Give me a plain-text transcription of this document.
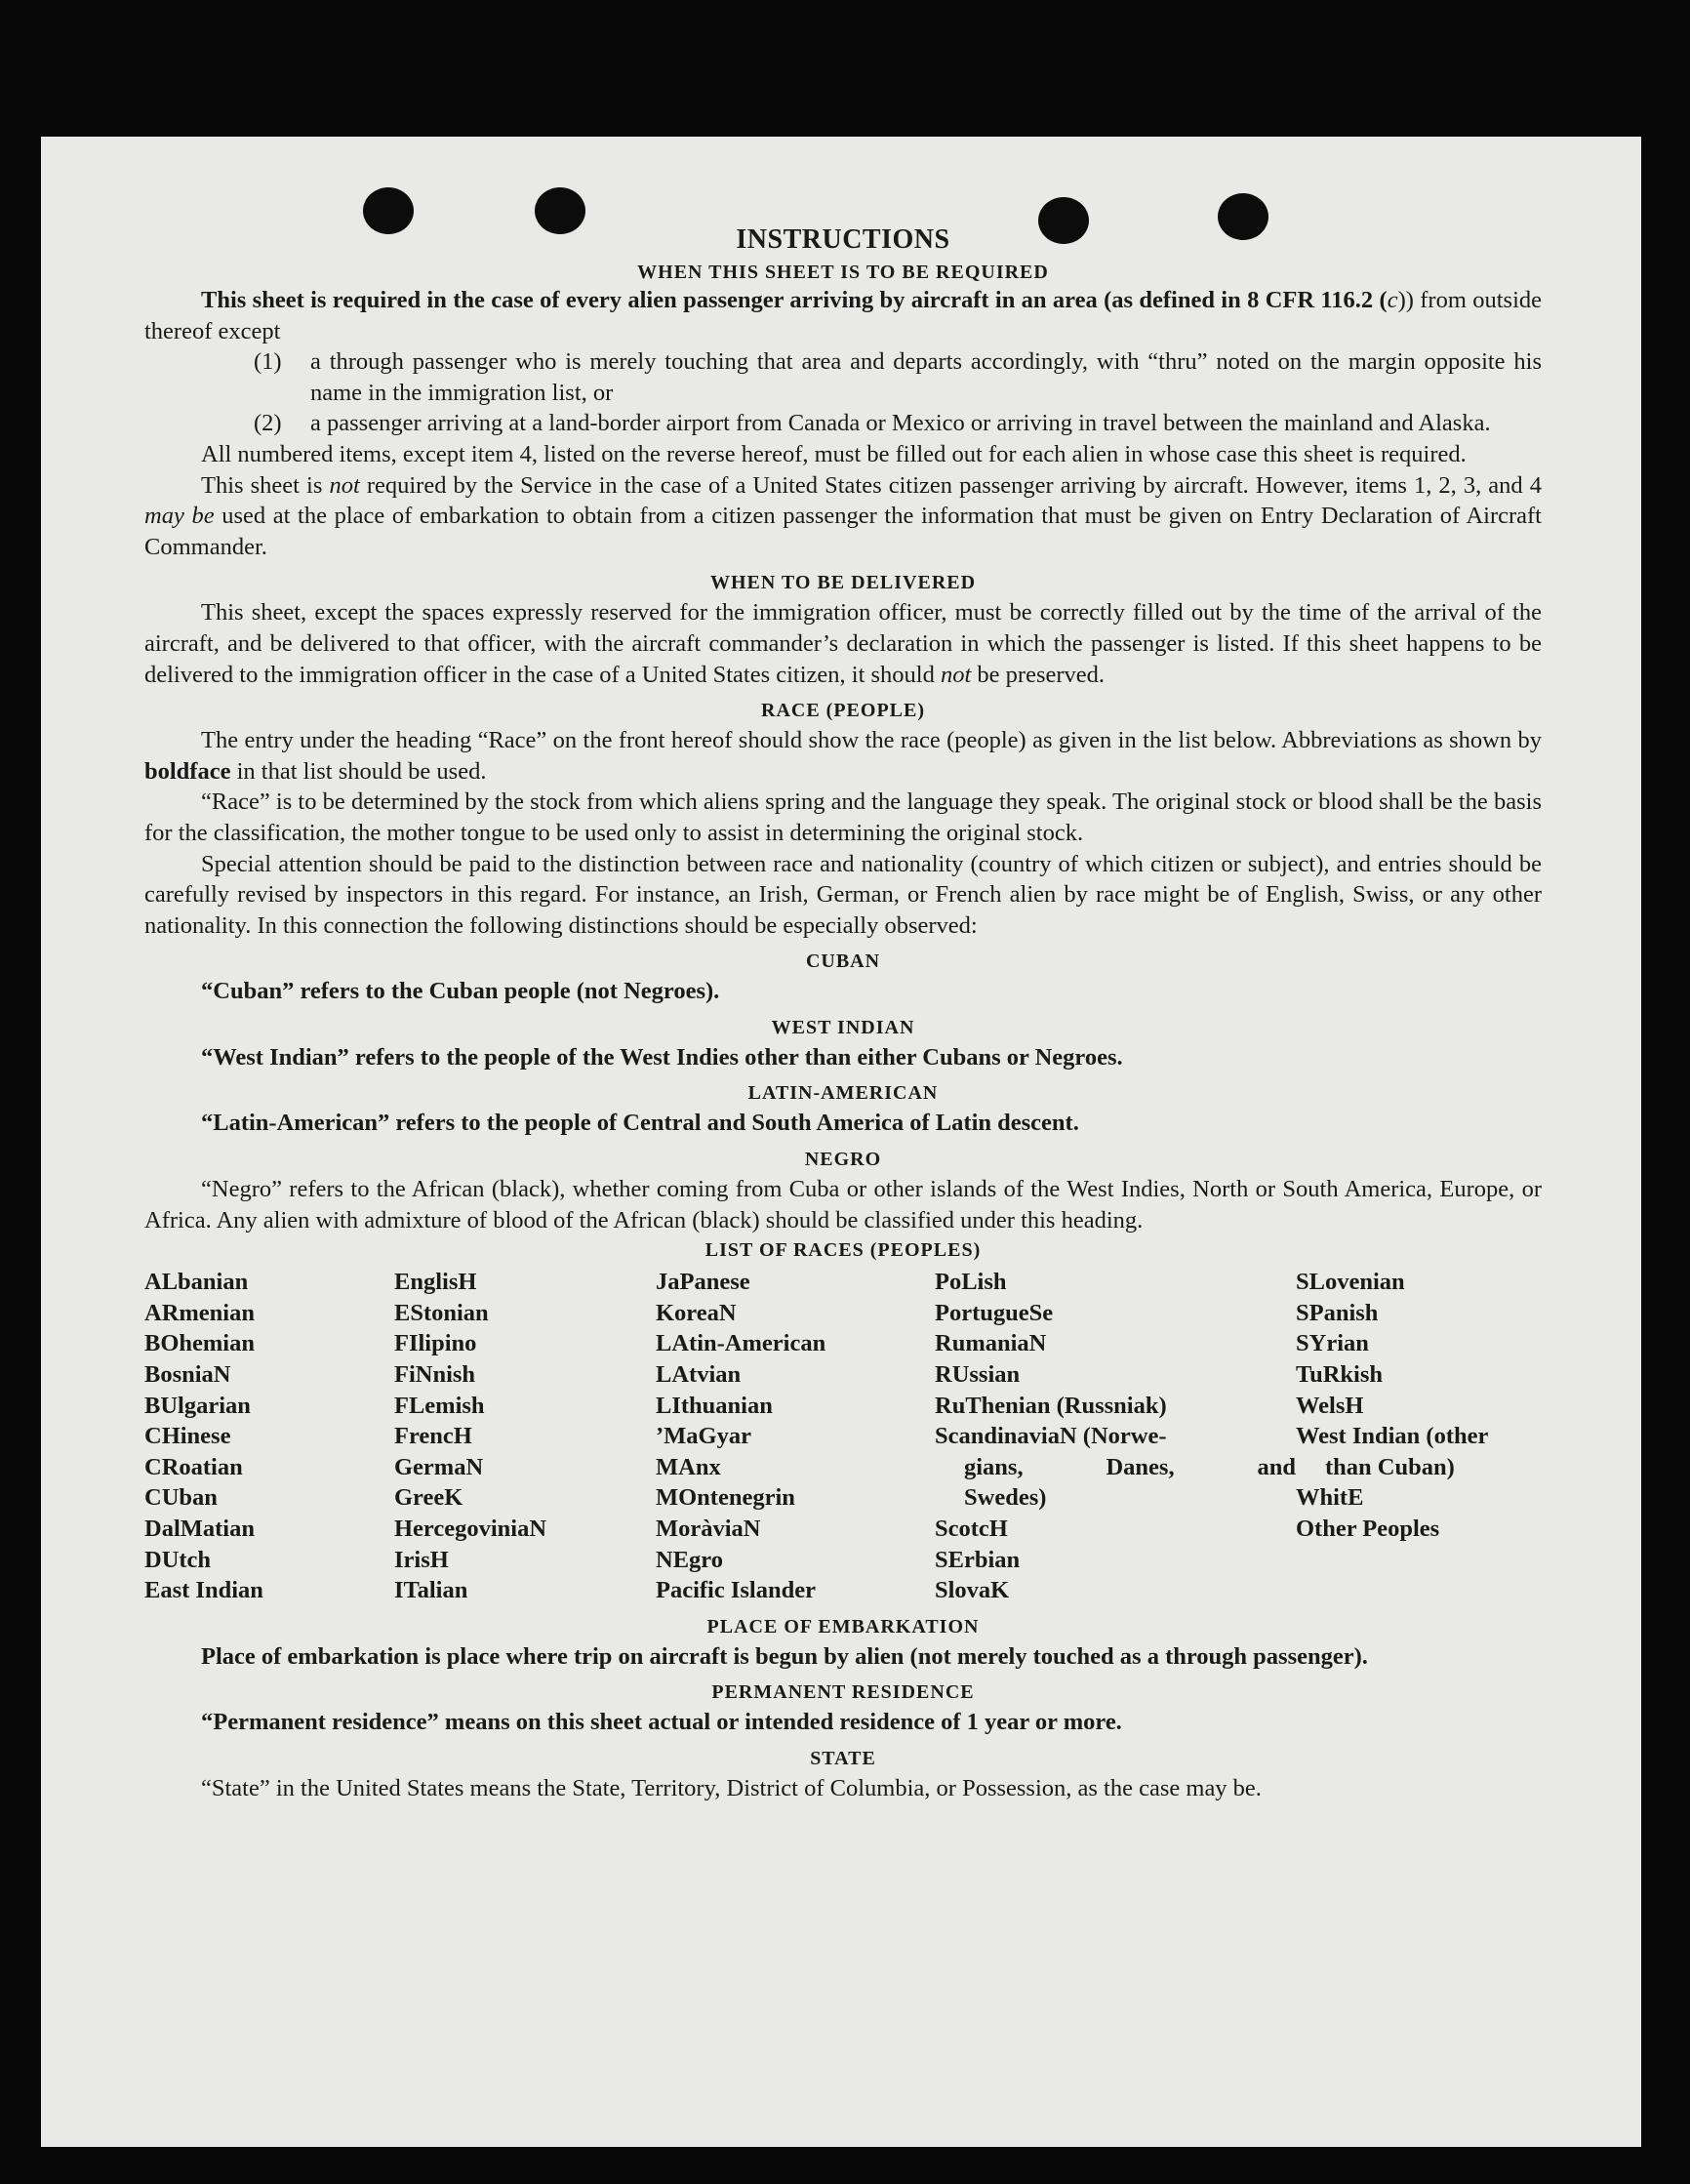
INSTRUCTIONS
WHEN THIS SHEET IS TO BE REQUIRED

This sheet is required in the case of every alien passenger arriving by aircraft in an area (as defined in 8 CFR 116.2 (c)) from outside thereof except

(1)	a through passenger who is merely touching that area and departs accordingly, with “thru” noted on the margin opposite his name in the immigration list, or
(2)	a passenger arriving at a land-border airport from Canada or Mexico or arriving in travel between the mainland and Alaska.

All numbered items, except item 4, listed on the reverse hereof, must be filled out for each alien in whose case this sheet is required.

This sheet is not required by the Service in the case of a United States citizen passenger arriving by aircraft. However, items 1, 2, 3, and 4 may be used at the place of embarkation to obtain from a citizen passenger the information that must be given on Entry Declaration of Aircraft Commander.

WHEN TO BE DELIVERED

This sheet, except the spaces expressly reserved for the immigration officer, must be correctly filled out by the time of the arrival of the aircraft, and be delivered to that officer, with the aircraft commander’s declaration in which the passenger is listed. If this sheet happens to be delivered to the immigration officer in the case of a United States citizen, it should not be preserved.

RACE (PEOPLE)

The entry under the heading “Race” on the front hereof should show the race (people) as given in the list below. Abbreviations as shown by boldface in that list should be used.

“Race” is to be determined by the stock from which aliens spring and the language they speak. The original stock or blood shall be the basis for the classification, the mother tongue to be used only to assist in determining the original stock.

Special attention should be paid to the distinction between race and nationality (country of which citizen or subject), and entries should be carefully revised by inspectors in this regard. For instance, an Irish, German, or French alien by race might be of English, Swiss, or any other nationality. In this connection the following distinctions should be especially observed:

CUBAN

“Cuban” refers to the Cuban people (not Negroes).

WEST INDIAN

“West Indian” refers to the people of the West Indies other than either Cubans or Negroes.

LATIN-AMERICAN

“Latin-American” refers to the people of Central and South America of Latin descent.

NEGRO

“Negro” refers to the African (black), whether coming from Cuba or other islands of the West Indies, North or South America, Europe, or Africa. Any alien with admixture of blood of the African (black) should be classified under this heading.

LIST OF RACES (PEOPLES)
ALbanian
ARmenian
BOhemian
BosniaN
BUlgarian
CHinese
CRoatian
CUban
DalMatian
DUtch
East Indian
EnglisH
EStonian
FIlipino
FiNnish
FLemish
FrencH
GermaN
GreeK
HercegoviniaN
IrisH
ITalian
JaPanese
KoreaN
LAtin-American
LAtvian
LIthuanian
’MaGyar
MAnx
MOntenegrin
MoràviaN
NEgro
Pacific Islander
PoLish
PortugueSe
RumaniaN
RUssian
RuThenian (Russniak)
ScandinaviaN (Norwe-
gians, Danes, and
Swedes)
ScotcH
SErbian
SlovaK
SLovenian
SPanish
SYrian
TuRkish
WelsH
West Indian (other
than Cuban)
WhitE
Other Peoples
PLACE OF EMBARKATION

Place of embarkation is place where trip on aircraft is begun by alien (not merely touched as a through passenger).

PERMANENT RESIDENCE

“Permanent residence” means on this sheet actual or intended residence of 1 year or more.

STATE

“State” in the United States means the State, Territory, District of Columbia, or Possession, as the case may be.
